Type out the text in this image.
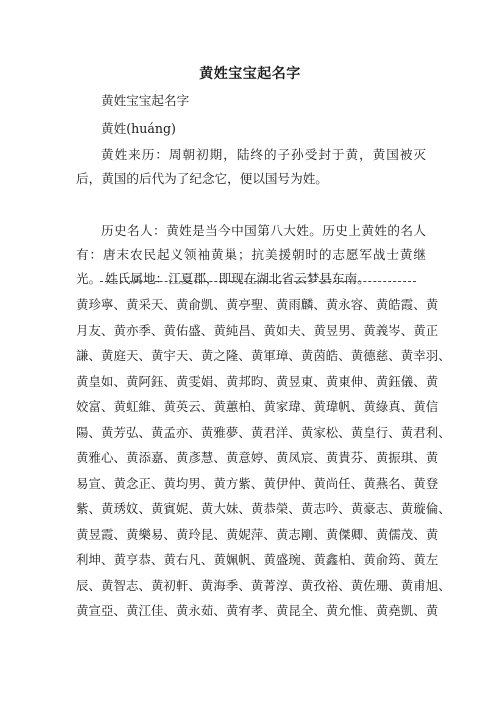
黄姓宝宝起名字

黄姓宝宝起名字

黄姓(huáng)

黄姓来历：周朝初期，陆终的子孙受封于黄，黄国被灭后，黄国的后代为了纪念它，便以国号为姓。

历史名人：黄姓是当今中国第八大姓。历史上黄姓的名人有：唐末农民起义领袖黄巢；抗美援朝时的志愿军战士黄继光。 姓氏属地：江夏郡，即现在湖北省云梦县东南。

黄珍寧、黄采天、黄俞凱、黄亭聖、黄雨麟、黄永容、黄皓霞、黄
月友、黄亦季、黄佑盛、黄純昌、黄如夫、黄昱男、黄義岑、黄正
謙、黄庭天、黄宇天、黄之隆、黄軍璋、黄茵皓、黄德慈、黄幸羽、
黄皇如、黄阿鈺、黄雯娟、黄邦昀、黄昱東、黄東伸、黄鈺儀、黄
姣富、黄虹維、黄英云、黄蕙柏、黄家瑋、黄瑋帆、黄綠真、黄信
陽、黄芳弘、黄孟亦、黄雅夢、黄君洋、黄家松、黄皇行、黄君利、
黄雅心、黄添嘉、黄彥慧、黄意婷、黄凤宸、黄貴芬、黄振琪、黄
易宣、黄念正、黄均男、黄方紫、黄伊仲、黄尚任、黄燕名、黄登
紫、黄琇妏、黄賓妮、黄大妹、黄恭榮、黄志吟、黄豪志、黄璇倫、
黄昱霞、黄樂易、黄玲昆、黄妮萍、黄志剛、黄傑卿、黄儒茂、黄
利坤、黄亨恭、黄右凡、黄姵帆、黄盛琬、黄鑫柏、黄俞筠、黄左
辰、黄智志、黄初軒、黄海季、黄菁淳、黄孜裕、黄佐珊、黄甫旭、
黄宣亞、黄江佳、黄永茹、黄宥孝、黄昆全、黄允惟、黄堯凱、黄
